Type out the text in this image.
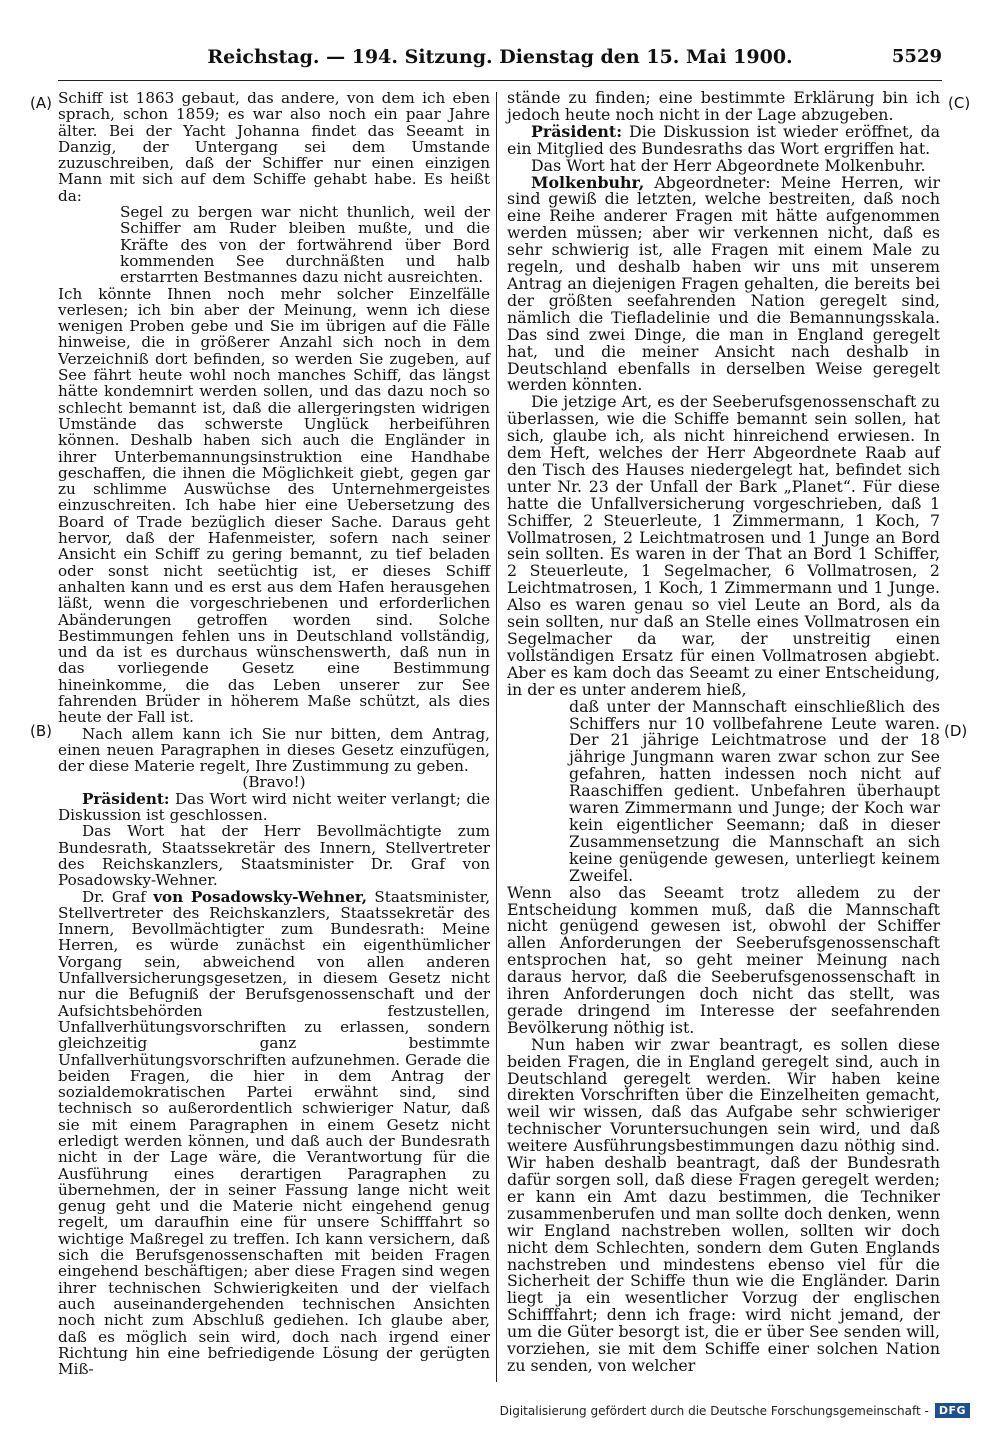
Reichstag. — 194. Sitzung. Dienstag den 15. Mai 1900.	5529
(A)
(B)
(C)
(D)

Schiff ist 1863 gebaut, das andere, von dem ich eben sprach, schon 1859; es war also noch ein paar Jahre älter. Bei der Yacht Johanna findet das Seeamt in Danzig, der Untergang sei dem Umstande zuzuschreiben, daß der Schiffer nur einen einzigen Mann mit sich auf dem Schiffe gehabt habe. Es heißt da:

Segel zu bergen war nicht thunlich, weil der Schiffer am Ruder bleiben mußte, und die Kräfte des von der fortwährend über Bord kommenden See durchnäßten und halb erstarrten Bestmannes dazu nicht ausreichten.

Ich könnte Ihnen noch mehr solcher Einzelfälle verlesen; ich bin aber der Meinung, wenn ich diese wenigen Proben gebe und Sie im übrigen auf die Fälle hinweise, die in größerer Anzahl sich noch in dem Verzeichniß dort befinden, so werden Sie zugeben, auf See fährt heute wohl noch manches Schiff, das längst hätte kondemnirt werden sollen, und das dazu noch so schlecht bemannt ist, daß die allergeringsten widrigen Umstände das schwerste Unglück herbeiführen können. Deshalb haben sich auch die Engländer in ihrer Unterbemannungsinstruktion eine Handhabe geschaffen, die ihnen die Möglichkeit giebt, gegen gar zu schlimme Auswüchse des Unternehmergeistes einzuschreiten. Ich habe hier eine Uebersetzung des Board of Trade bezüglich dieser Sache. Daraus geht hervor, daß der Hafenmeister, sofern nach seiner Ansicht ein Schiff zu gering bemannt, zu tief beladen oder sonst nicht seetüchtig ist, er dieses Schiff anhalten kann und es erst aus dem Hafen herausgehen läßt, wenn die vorgeschriebenen und erforderlichen Abänderungen getroffen worden sind. Solche Bestimmungen fehlen uns in Deutschland vollständig, und da ist es durchaus wünschenswerth, daß nun in das vorliegende Gesetz eine Bestimmung hineinkomme, die das Leben unserer zur See fahrenden Brüder in höherem Maße schützt, als dies heute der Fall ist.

Nach allem kann ich Sie nur bitten, dem Antrag, einen neuen Paragraphen in dieses Gesetz einzufügen, der diese Materie regelt, Ihre Zustimmung zu geben.

(Bravo!)

Präsident: Das Wort wird nicht weiter verlangt; die Diskussion ist geschlossen.

Das Wort hat der Herr Bevollmächtigte zum Bundesrath, Staatssekretär des Innern, Stellvertreter des Reichskanzlers, Staatsminister Dr. Graf von Posadowsky-Wehner.

Dr. Graf von Posadowsky-Wehner, Staatsminister, Stellvertreter des Reichskanzlers, Staatssekretär des Innern, Bevollmächtigter zum Bundesrath: Meine Herren, es würde zunächst ein eigenthümlicher Vorgang sein, abweichend von allen anderen Unfallversicherungsgesetzen, in diesem Gesetz nicht nur die Befugniß der Berufsgenossenschaft und der Aufsichtsbehörden festzustellen, Unfallverhütungsvorschriften zu erlassen, sondern gleichzeitig ganz bestimmte Unfallverhütungsvorschriften aufzunehmen. Gerade die beiden Fragen, die hier in dem Antrag der sozialdemokratischen Partei erwähnt sind, sind technisch so außerordentlich schwieriger Natur, daß sie mit einem Paragraphen in einem Gesetz nicht erledigt werden können, und daß auch der Bundesrath nicht in der Lage wäre, die Verantwortung für die Ausführung eines derartigen Paragraphen zu übernehmen, der in seiner Fassung lange nicht weit genug geht und die Materie nicht eingehend genug regelt, um daraufhin eine für unsere Schifffahrt so wichtige Maßregel zu treffen. Ich kann versichern, daß sich die Berufsgenossenschaften mit beiden Fragen eingehend beschäftigen; aber diese Fragen sind wegen ihrer technischen Schwierigkeiten und der vielfach auch auseinandergehenden technischen Ansichten noch nicht zum Abschluß gediehen. Ich glaube aber, daß es möglich sein wird, doch nach irgend einer Richtung hin eine befriedigende Lösung der gerügten Miß-

stände zu finden; eine bestimmte Erklärung bin ich jedoch heute noch nicht in der Lage abzugeben.

Präsident: Die Diskussion ist wieder eröffnet, da ein Mitglied des Bundesraths das Wort ergriffen hat.

Das Wort hat der Herr Abgeordnete Molkenbuhr.

Molkenbuhr, Abgeordneter: Meine Herren, wir sind gewiß die letzten, welche bestreiten, daß noch eine Reihe anderer Fragen mit hätte aufgenommen werden müssen; aber wir verkennen nicht, daß es sehr schwierig ist, alle Fragen mit einem Male zu regeln, und deshalb haben wir uns mit unserem Antrag an diejenigen Fragen gehalten, die bereits bei der größten seefahrenden Nation geregelt sind, nämlich die Tiefladelinie und die Bemannungsskala. Das sind zwei Dinge, die man in England geregelt hat, und die meiner Ansicht nach deshalb in Deutschland ebenfalls in derselben Weise geregelt werden könnten.

Die jetzige Art, es der Seeberufsgenossenschaft zu überlassen, wie die Schiffe bemannt sein sollen, hat sich, glaube ich, als nicht hinreichend erwiesen. In dem Heft, welches der Herr Abgeordnete Raab auf den Tisch des Hauses niedergelegt hat, befindet sich unter Nr. 23 der Unfall der Bark „Planet“. Für diese hatte die Unfallversicherung vorgeschrieben, daß 1 Schiffer, 2 Steuerleute, 1 Zimmermann, 1 Koch, 7 Vollmatrosen, 2 Leichtmatrosen und 1 Junge an Bord sein sollten. Es waren in der That an Bord 1 Schiffer, 2 Steuerleute, 1 Segelmacher, 6 Vollmatrosen, 2 Leichtmatrosen, 1 Koch, 1 Zimmermann und 1 Junge. Also es waren genau so viel Leute an Bord, als da sein sollten, nur daß an Stelle eines Vollmatrosen ein Segelmacher da war, der unstreitig einen vollständigen Ersatz für einen Vollmatrosen abgiebt. Aber es kam doch das Seeamt zu einer Entscheidung, in der es unter anderem hieß,

daß unter der Mannschaft einschließlich des Schiffers nur 10 vollbefahrene Leute waren. Der 21 jährige Leichtmatrose und der 18 jährige Jungmann waren zwar schon zur See gefahren, hatten indessen noch nicht auf Raaschiffen gedient. Unbefahren überhaupt waren Zimmermann und Junge; der Koch war kein eigentlicher Seemann; daß in dieser Zusammensetzung die Mannschaft an sich keine genügende gewesen, unterliegt keinem Zweifel.

Wenn also das Seeamt trotz alledem zu der Entscheidung kommen muß, daß die Mannschaft nicht genügend gewesen ist, obwohl der Schiffer allen Anforderungen der Seeberufsgenossenschaft entsprochen hat, so geht meiner Meinung nach daraus hervor, daß die Seeberufsgenossenschaft in ihren Anforderungen doch nicht das stellt, was gerade dringend im Interesse der seefahrenden Bevölkerung nöthig ist.

Nun haben wir zwar beantragt, es sollen diese beiden Fragen, die in England geregelt sind, auch in Deutschland geregelt werden. Wir haben keine direkten Vorschriften über die Einzelheiten gemacht, weil wir wissen, daß das Aufgabe sehr schwieriger technischer Voruntersuchungen sein wird, und daß weitere Ausführungsbestimmungen dazu nöthig sind. Wir haben deshalb beantragt, daß der Bundesrath dafür sorgen soll, daß diese Fragen geregelt werden; er kann ein Amt dazu bestimmen, die Techniker zusammenberufen und man sollte doch denken, wenn wir England nachstreben wollen, sollten wir doch nicht dem Schlechten, sondern dem Guten Englands nachstreben und mindestens ebenso viel für die Sicherheit der Schiffe thun wie die Engländer. Darin liegt ja ein wesentlicher Vorzug der englischen Schifffahrt; denn ich frage: wird nicht jemand, der um die Güter besorgt ist, die er über See senden will, vorziehen, sie mit dem Schiffe einer solchen Nation zu senden, von welcher

Digitalisierung gefördert durch die Deutsche Forschungsgemeinschaft - DFG
